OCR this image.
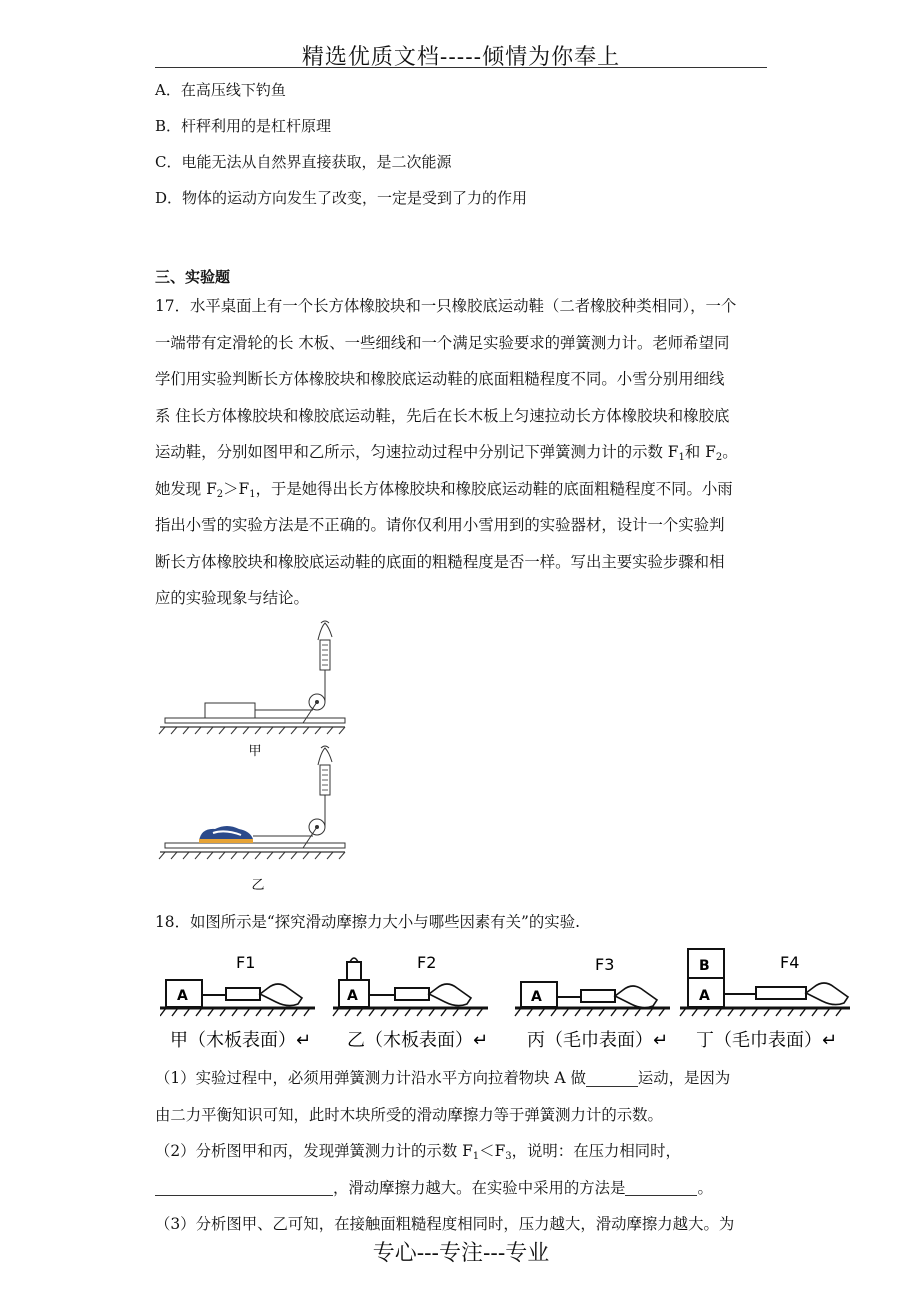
精选优质文档-----倾情为你奉上
A．在高压线下钓鱼
B．杆秤利用的是杠杆原理
C．电能无法从自然界直接获取，是二次能源
D．物体的运动方向发生了改变，一定是受到了力的作用
三、实验题
17．水平桌面上有一个长方体橡胶块和一只橡胶底运动鞋（二者橡胶种类相同），一个
一端带有定滑轮的长 木板、一些细线和一个满足实验要求的弹簧测力计。老师希望同
学们用实验判断长方体橡胶块和橡胶底运动鞋的底面粗糙程度不同。小雪分别用细线
系 住长方体橡胶块和橡胶底运动鞋，先后在长木板上匀速拉动长方体橡胶块和橡胶底
运动鞋，分别如图甲和乙所示，匀速拉动过程中分别记下弹簧测力计的示数 $F_1$和 $F_2$。
她发现 $F_2>F_1$，于是她得出长方体橡胶块和橡胶底运动鞋的底面粗糙程度不同。小雨
指出小雪的实验方法是不正确的。请你仅利用小雪用到的实验器材，设计一个实验判
断长方体橡胶块和橡胶底运动鞋的底面的粗糙程度是否一样。写出主要实验步骤和相
应的实验现象与结论。
甲
乙
18．如图所示是“探究滑动摩擦力大小与哪些因素有关”的实验.
A
F1
甲（木板表面）↵
A
F2
乙（木板表面）↵
A
F3
丙（毛巾表面）↵
B
A
F4
丁（毛巾表面）↵
（1）实验过程中，必须用弹簧测力计沿水平方向拉着物块 A 做	运动，是因为
由二力平衡知识可知，此时木块所受的滑动摩擦力等于弹簧测力计的示数。
（2）分析图甲和丙，发现弹簧测力计的示数 $F_1<F_3$，说明：在压力相同时，
，滑动摩擦力越大。在实验中采用的方法是	。
（3）分析图甲、乙可知，在接触面粗糙程度相同时，压力越大，滑动摩擦力越大。为
专心---专注---专业
